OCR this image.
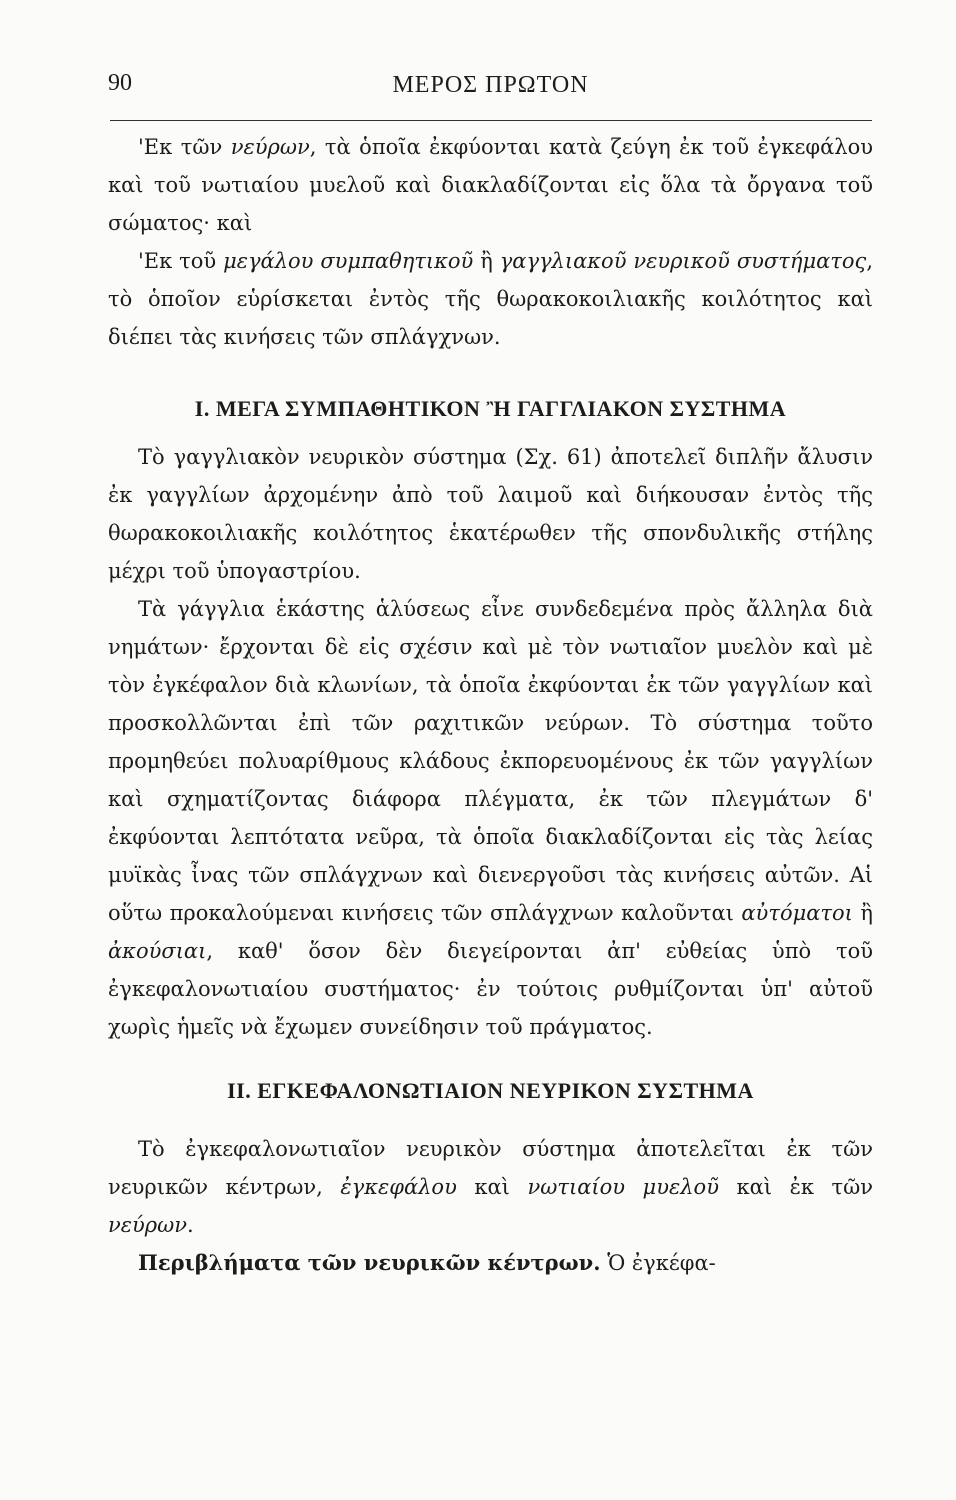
90	ΜΕΡΟΣ ΠΡΩΤΟΝ

'Εκ τῶν νεύρων, τὰ ὁποῖα ἐκφύονται κατὰ ζεύγη ἐκ τοῦ ἐγκεφάλου καὶ τοῦ νωτιαίου μυελοῦ καὶ διακλαδίζονται εἰς ὅλα τὰ ὄργανα τοῦ σώματος· καὶ

'Εκ τοῦ μεγάλου συμπαθητικοῦ ἢ γαγγλιακοῦ νευρικοῦ συστήματος, τὸ ὁποῖον εὑρίσκεται ἐντὸς τῆς θωρακοκοιλιακῆς κοιλότητος καὶ διέπει τὰς κινήσεις τῶν σπλάγχνων.

I. ΜΕΓΑ ΣΥΜΠΑΘΗΤΙΚΟΝ Ἢ ΓΑΓΓΛΙΑΚΟΝ ΣΥΣΤΗΜΑ

Τὸ γαγγλιακὸν νευρικὸν σύστημα (Σχ. 61) ἀποτελεῖ διπλῆν ἄλυσιν ἐκ γαγγλίων ἀρχομένην ἀπὸ τοῦ λαιμοῦ καὶ διήκουσαν ἐντὸς τῆς θωρακοκοιλιακῆς κοιλότητος ἑκατέρωθεν τῆς σπονδυλικῆς στήλης μέχρι τοῦ ὑπογαστρίου.

Τὰ γάγγλια ἑκάστης ἁλύσεως εἶνε συνδεδεμένα πρὸς ἄλληλα διὰ νημάτων· ἔρχονται δὲ εἰς σχέσιν καὶ μὲ τὸν νωτιαῖον μυελὸν καὶ μὲ τὸν ἐγκέφαλον διὰ κλωνίων, τὰ ὁποῖα ἐκφύονται ἐκ τῶν γαγγλίων καὶ προσκολλῶνται ἐπὶ τῶν ραχιτικῶν νεύρων. Τὸ σύστημα τοῦτο προμηθεύει πολυαρίθμους κλάδους ἐκπορευομένους ἐκ τῶν γαγγλίων καὶ σχηματίζοντας διάφορα πλέγματα, ἐκ τῶν πλεγμάτων δ' ἐκφύονται λεπτότατα νεῦρα, τὰ ὁποῖα διακλαδίζονται εἰς τὰς λείας μυϊκὰς ἶνας τῶν σπλάγχνων καὶ διενεργοῦσι τὰς κινήσεις αὐτῶν. Αἱ οὕτω προκαλούμεναι κινήσεις τῶν σπλάγχνων καλοῦνται αὐτόματοι ἢ ἀκούσιαι, καθ' ὅσον δὲν διεγείρονται ἀπ' εὐθείας ὑπὸ τοῦ ἐγκεφαλονωτιαίου συστήματος· ἐν τούτοις ρυθμίζονται ὑπ' αὐτοῦ χωρὶς ἡμεῖς νὰ ἔχωμεν συνείδησιν τοῦ πράγματος.

II. ΕΓΚΕΦΑΛΟΝΩΤΙΑΙΟΝ ΝΕΥΡΙΚΟΝ ΣΥΣΤΗΜΑ

Τὸ ἐγκεφαλονωτιαῖον νευρικὸν σύστημα ἀποτελεῖται ἐκ τῶν νευρικῶν κέντρων, ἐγκεφάλου καὶ νωτιαίου μυελοῦ καὶ ἐκ τῶν νεύρων.

Περιβλήματα τῶν νευρικῶν κέντρων. Ὁ ἐγκέφα-
